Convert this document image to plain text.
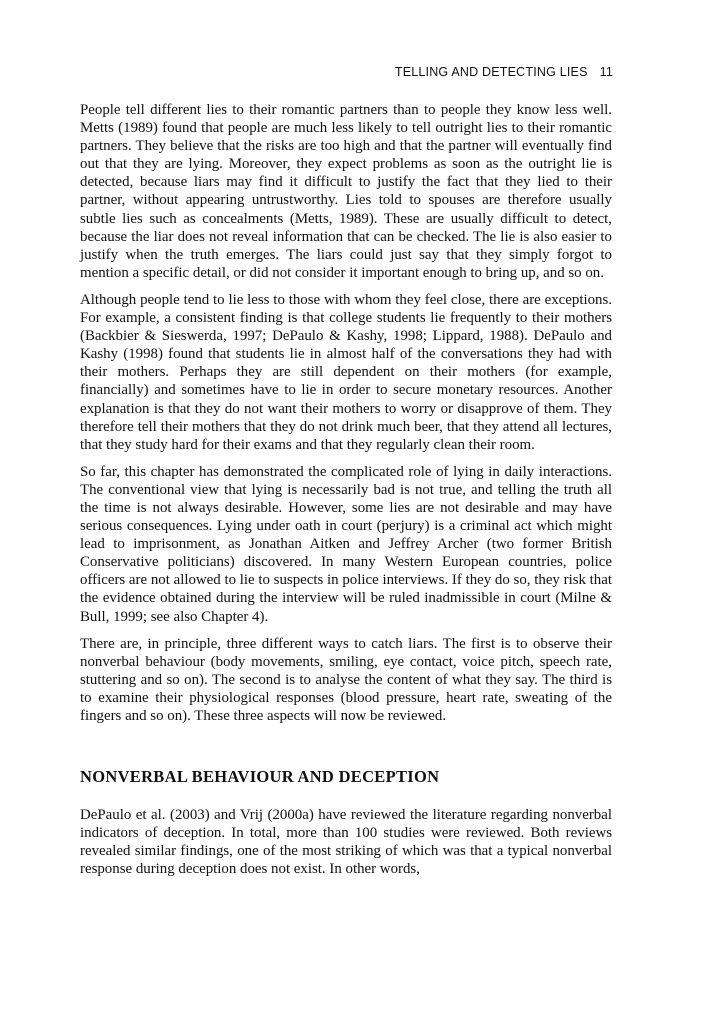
TELLING AND DETECTING LIES 11

People tell different lies to their romantic partners than to people they know less well. Metts (1989) found that people are much less likely to tell outright lies to their romantic partners. They believe that the risks are too high and that the partner will eventually find out that they are lying. Moreover, they expect problems as soon as the outright lie is detected, because liars may find it difficult to justify the fact that they lied to their partner, without appearing untrustworthy. Lies told to spouses are therefore usually subtle lies such as concealments (Metts, 1989). These are usually difficult to detect, because the liar does not reveal information that can be checked. The lie is also easier to justify when the truth emerges. The liars could just say that they simply forgot to mention a specific detail, or did not consider it important enough to bring up, and so on.

Although people tend to lie less to those with whom they feel close, there are exceptions. For example, a consistent finding is that college students lie frequently to their mothers (Backbier & Sieswerda, 1997; DePaulo & Kashy, 1998; Lippard, 1988). DePaulo and Kashy (1998) found that students lie in almost half of the conversations they had with their mothers. Perhaps they are still dependent on their mothers (for example, financially) and sometimes have to lie in order to secure monetary resources. Another explanation is that they do not want their mothers to worry or disapprove of them. They therefore tell their mothers that they do not drink much beer, that they attend all lectures, that they study hard for their exams and that they regularly clean their room.

So far, this chapter has demonstrated the complicated role of lying in daily interactions. The conventional view that lying is necessarily bad is not true, and telling the truth all the time is not always desirable. However, some lies are not desirable and may have serious consequences. Lying under oath in court (perjury) is a criminal act which might lead to imprisonment, as Jonathan Aitken and Jeffrey Archer (two former British Conservative politicians) discovered. In many Western European countries, police officers are not allowed to lie to suspects in police interviews. If they do so, they risk that the evidence obtained during the interview will be ruled inadmissible in court (Milne & Bull, 1999; see also Chapter 4).

There are, in principle, three different ways to catch liars. The first is to observe their nonverbal behaviour (body movements, smiling, eye contact, voice pitch, speech rate, stuttering and so on). The second is to analyse the content of what they say. The third is to examine their physiological responses (blood pressure, heart rate, sweating of the fingers and so on). These three aspects will now be reviewed.

NONVERBAL BEHAVIOUR AND DECEPTION

DePaulo et al. (2003) and Vrij (2000a) have reviewed the literature regarding nonverbal indicators of deception. In total, more than 100 studies were reviewed. Both reviews revealed similar findings, one of the most striking of which was that a typical nonverbal response during deception does not exist. In other words,
